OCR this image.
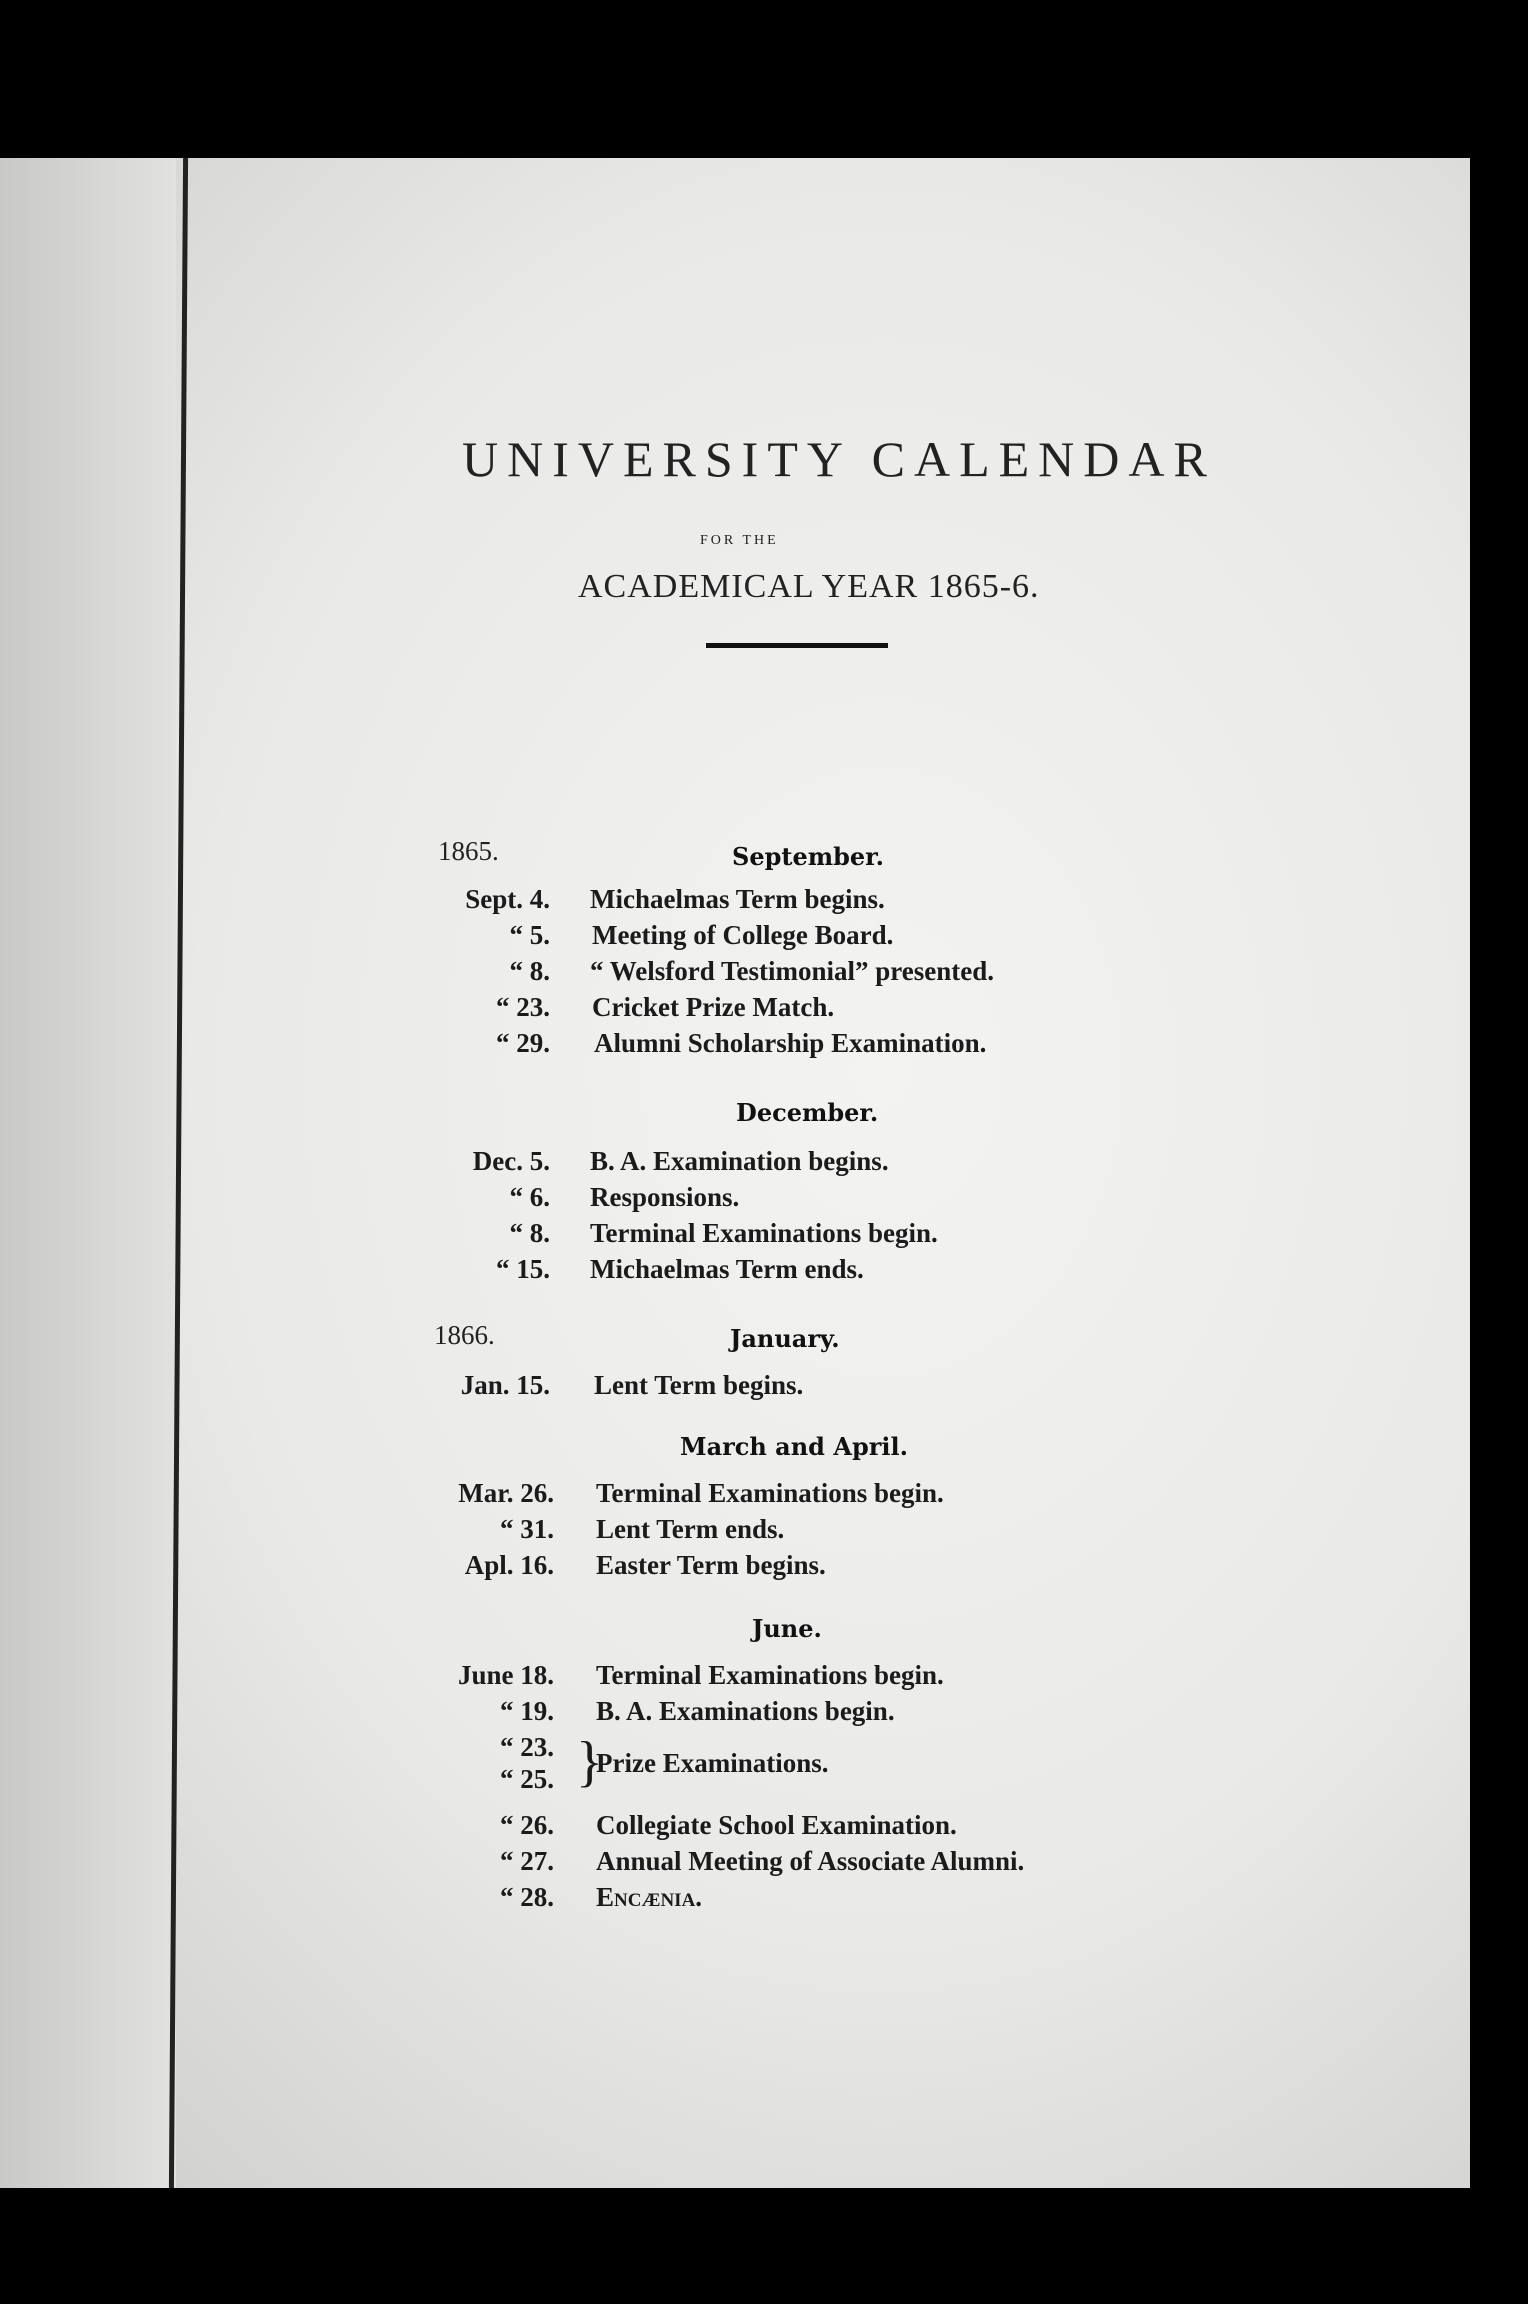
UNIVERSITY CALENDAR
FOR THE
ACADEMICAL YEAR 1865-6.
1865.	September.
Sept. 4. Michaelmas Term begins.
“ 5. Meeting of College Board.
“ 8. “ Welsford Testimonial” presented.
“ 23. Cricket Prize Match.
“ 29. Alumni Scholarship Examination.
December.
Dec. 5. B. A. Examination begins.
“ 6. Responsions.
“ 8. Terminal Examinations begin.
“ 15. Michaelmas Term ends.
1866.	January.
Jan. 15. Lent Term begins.
March and April.
Mar. 26. Terminal Examinations begin.
“ 31. Lent Term ends.
Apl. 16. Easter Term begins.
June.
June 18. Terminal Examinations begin.
“ 19. B. A. Examinations begin.
“ 23.
“ 25. }
Prize Examinations.
“ 26. Collegiate School Examination.
“ 27. Annual Meeting of Associate Alumni.
“ 28. Encænia.
